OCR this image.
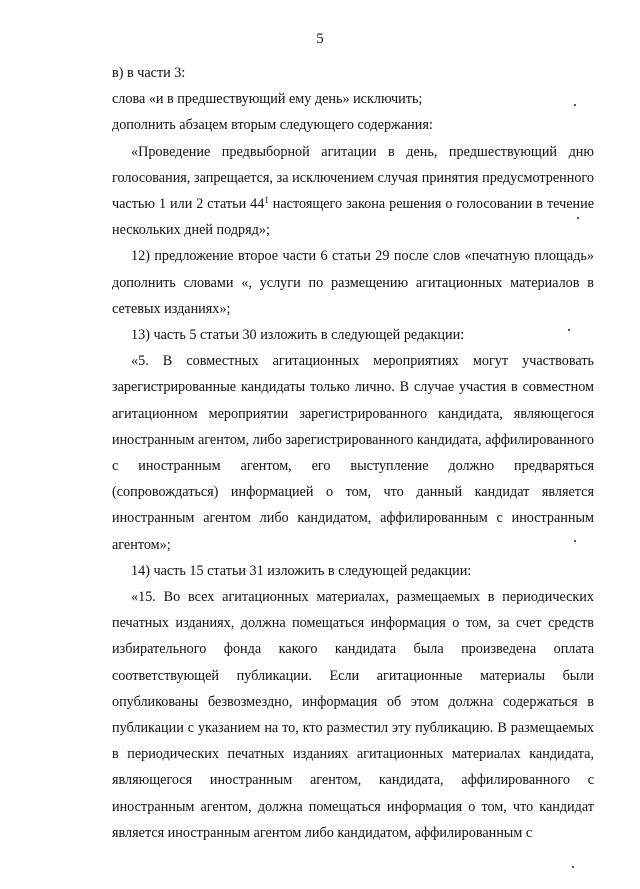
5

в) в части 3:

слова «и в предшествующий ему день» исключить;

дополнить абзацем вторым следующего содержания:

«Проведение предвыборной агитации в день, предшествующий дню голосования, запрещается, за исключением случая принятия предусмотренного частью 1 или 2 статьи $44^1$ настоящего закона решения о голосовании в течение нескольких дней подряд»;

12) предложение второе части 6 статьи 29 после слов «печатную площадь» дополнить словами «, услуги по размещению агитационных материалов в сетевых изданиях»;

13) часть 5 статьи 30 изложить в следующей редакции:

«5. В совместных агитационных мероприятиях могут участвовать зарегистрированные кандидаты только лично. В случае участия в совместном агитационном мероприятии зарегистрированного кандидата, являющегося иностранным агентом, либо зарегистрированного кандидата, аффилированного с иностранным агентом, его выступление должно предваряться (сопровождаться) информацией о том, что данный кандидат является иностранным агентом либо кандидатом, аффилированным с иностранным агентом»;

14) часть 15 статьи 31 изложить в следующей редакции:

«15. Во всех агитационных материалах, размещаемых в периодических печатных изданиях, должна помещаться информация о том, за счет средств избирательного фонда какого кандидата была произведена оплата соответствующей публикации. Если агитационные материалы были опубликованы безвозмездно, информация об этом должна содержаться в публикации с указанием на то, кто разместил эту публикацию. В размещаемых в периодических печатных изданиях агитационных материалах кандидата, являющегося иностранным агентом, кандидата, аффилированного с иностранным агентом, должна помещаться информация о том, что кандидат является иностранным агентом либо кандидатом, аффилированным с
